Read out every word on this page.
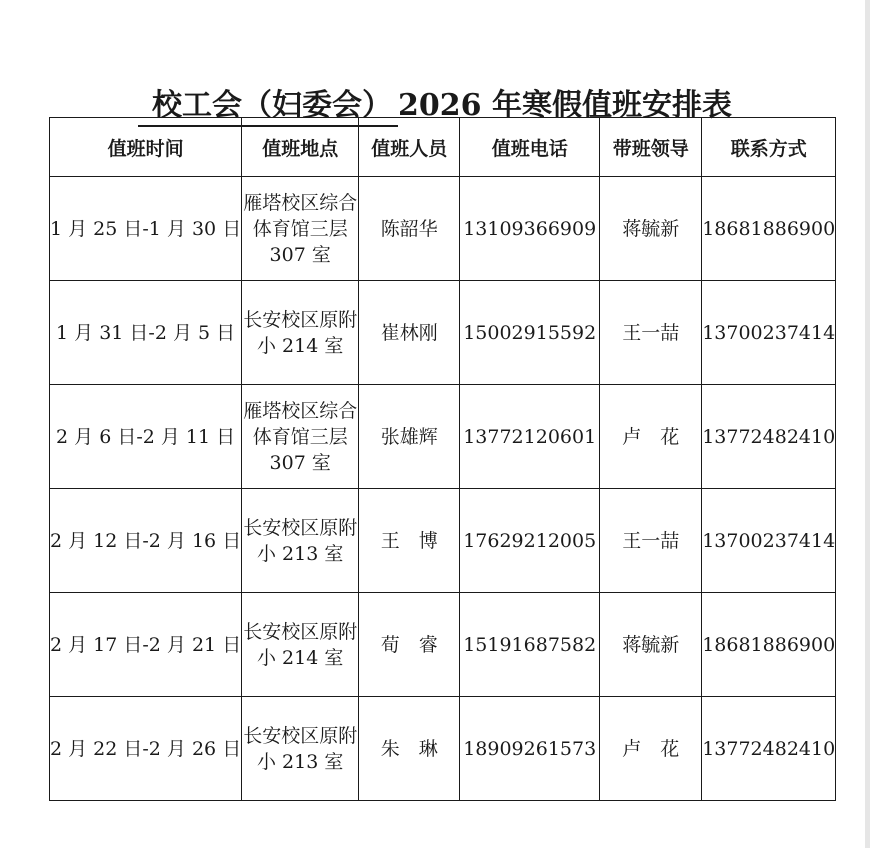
校工会（妇委会） 2026 年寒假值班安排表
值班时间	值班地点	值班人员	值班电话	带班领导	联系方式
1 月 25 日-1 月 30 日	雁塔校区综合体育馆三层 307 室	陈韶华	13109366909	蒋毓新	18681886900
1 月 31 日-2 月 5 日	长安校区原附小 214 室	崔林刚	15002915592	王一喆	13700237414
2 月 6 日-2 月 11 日	雁塔校区综合体育馆三层 307 室	张雄辉	13772120601	卢　花	13772482410
2 月 12 日-2 月 16 日	长安校区原附小 213 室	王　博	17629212005	王一喆	13700237414
2 月 17 日-2 月 21 日	长安校区原附小 214 室	荀　睿	15191687582	蒋毓新	18681886900
2 月 22 日-2 月 26 日	长安校区原附小 213 室	朱　琳	18909261573	卢　花	13772482410
